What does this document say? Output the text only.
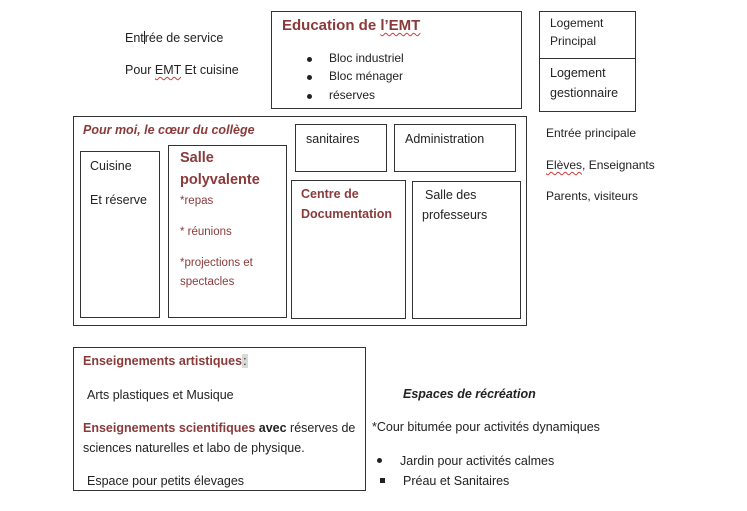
Entrée de service
Pour EMT Et cuisine
Education de l’EMT
Bloc industriel
Bloc ménager
réserves
Logement
Principal
Logement
gestionnaire
Entrée principale
Elèves, Enseignants
Parents, visiteurs
Pour moi, le cœur du collège
Cuisine
Et réserve
Salle
polyvalente
*repas
* réunions
*projections et
spectacles
sanitaires	Administration
Centre de
Documentation
Salle des
professeurs
Enseignements artistiques:
Arts plastiques et Musique
Enseignements scientifiques avec réserves de
sciences naturelles et labo de physique.
Espace pour petits élevages
Espaces de récréation
*Cour bitumée pour activités dynamiques
Jardin pour activités calmes
Préau et Sanitaires
